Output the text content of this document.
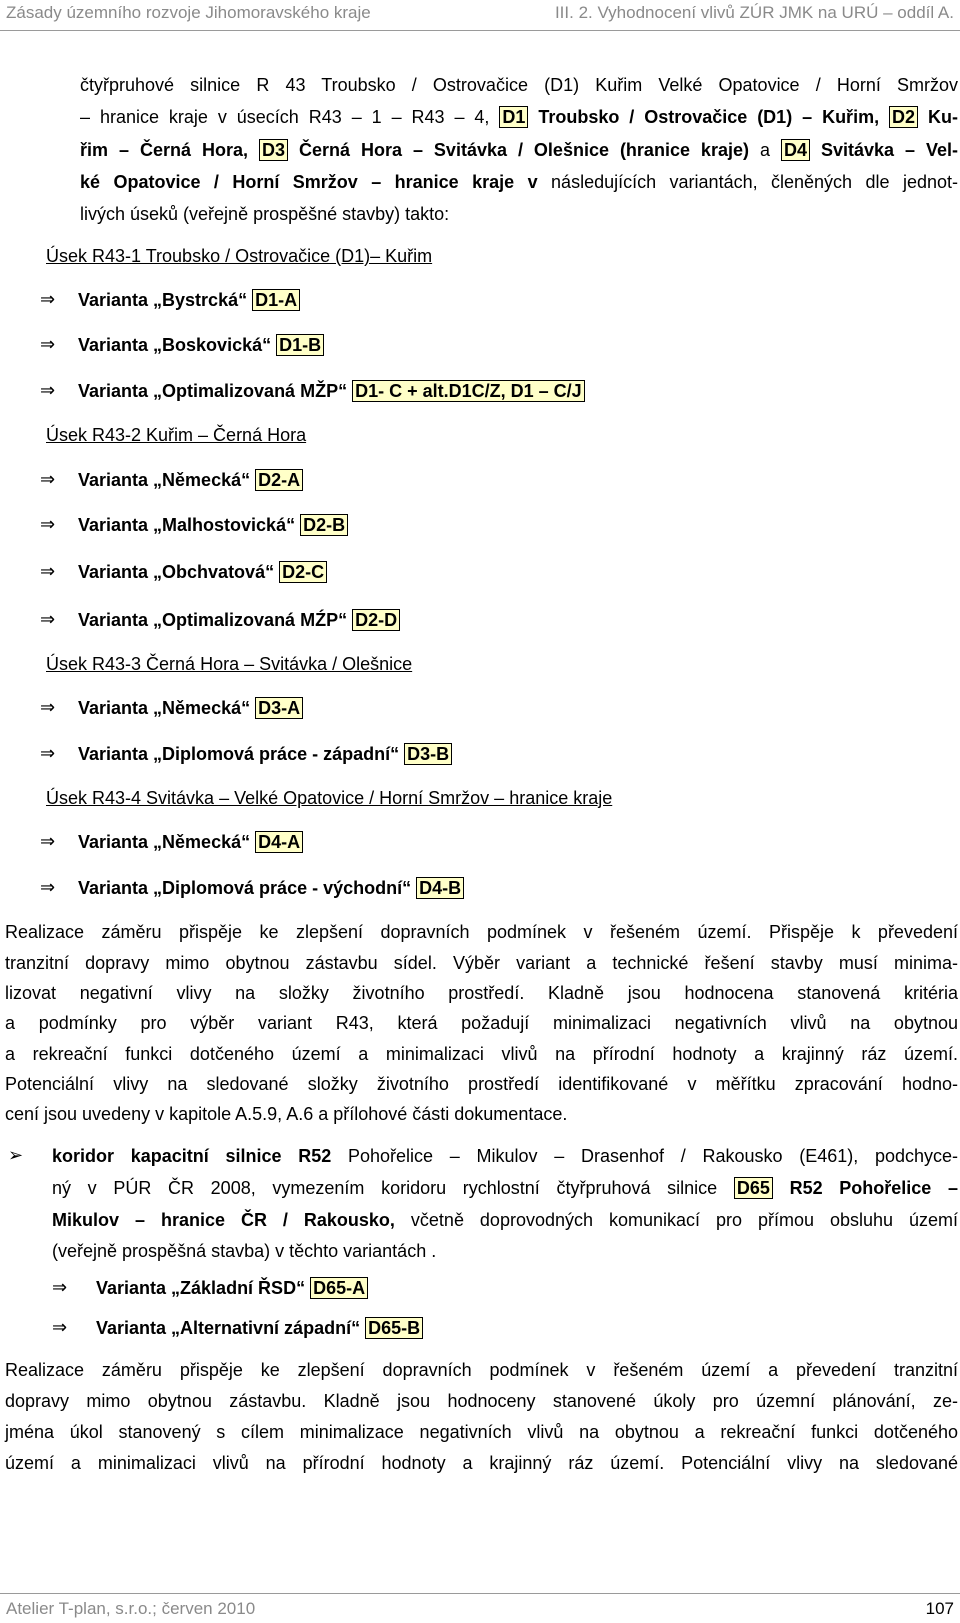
Zásady územního rozvoje Jihomoravského kraje	III. 2. Vyhodnocení vlivů ZÚR JMK na URÚ – oddíl A.
čtyřpruhové silnice R 43 Troubsko / Ostrovačice (D1) Kuřim Velké Opatovice / Horní Smržov
– hranice kraje v úsecích R43 – 1 – R43 – 4, D1 Troubsko / Ostrovačice (D1) – Kuřim, D2 Ku-
řim – Černá Hora, D3 Černá Hora – Svitávka / Olešnice (hranice kraje) a D4 Svitávka – Vel-
ké Opatovice / Horní Smržov – hranice kraje v následujících variantách, členěných dle jednot-
livých úseků (veřejně prospěšné stavby) takto:
Úsek R43-1 Troubsko / Ostrovačice (D1)– Kuřim
⇒ Varianta „Bystrcká“ D1-A
⇒ Varianta „Boskovická“ D1-B
⇒ Varianta „Optimalizovaná MŽP“ D1- C + alt.D1C/Z, D1 – C/J
Úsek R43-2 Kuřim – Černá Hora
⇒ Varianta „Německá“ D2-A
⇒ Varianta „Malhostovická“ D2-B
⇒ Varianta „Obchvatová“ D2-C
⇒ Varianta „Optimalizovaná MŹP“ D2-D
Úsek R43-3 Černá Hora – Svitávka / Olešnice
⇒ Varianta „Německá“ D3-A
⇒ Varianta „Diplomová práce - západní“ D3-B
Úsek R43-4 Svitávka – Velké Opatovice / Horní Smržov – hranice kraje
⇒ Varianta „Německá“ D4-A
⇒ Varianta „Diplomová práce - východní“ D4-B
Realizace záměru přispěje ke zlepšení dopravních podmínek v řešeném území. Přispěje k převedení
tranzitní dopravy mimo obytnou zástavbu sídel. Výběr variant a technické řešení stavby musí minima-
lizovat negativní vlivy na složky životního prostředí. Kladně jsou hodnocena stanovená kritéria
a podmínky pro výběr variant R43, která požadují minimalizaci negativních vlivů na obytnou
a rekreační funkci dotčeného území a minimalizaci vlivů na přírodní hodnoty a krajinný ráz území.
Potenciální vlivy na sledované složky životního prostředí identifikované v měřítku zpracování hodno-
cení jsou uvedeny v kapitole A.5.9, A.6 a přílohové části dokumentace.
➢ koridor kapacitní silnice R52 Pohořelice – Mikulov – Drasenhof / Rakousko (E461), podchyce-
ný v PÚR ČR 2008, vymezením koridoru rychlostní čtyřpruhová silnice D65 R52 Pohořelice –
Mikulov – hranice ČR / Rakousko, včetně doprovodných komunikací pro přímou obsluhu území
(veřejně prospěšná stavba) v těchto variantách .
⇒ Varianta „Základní ŘSD“ D65-A
⇒ Varianta „Alternativní západní“ D65-B
Realizace záměru přispěje ke zlepšení dopravních podmínek v řešeném území a převedení tranzitní
dopravy mimo obytnou zástavbu. Kladně jsou hodnoceny stanovené úkoly pro územní plánování, ze-
jména úkol stanovený s cílem minimalizace negativních vlivů na obytnou a rekreační funkci dotčeného
území a minimalizaci vlivů na přírodní hodnoty a krajinný ráz území. Potenciální vlivy na sledované
Atelier T-plan, s.r.o.; červen 2010	107
